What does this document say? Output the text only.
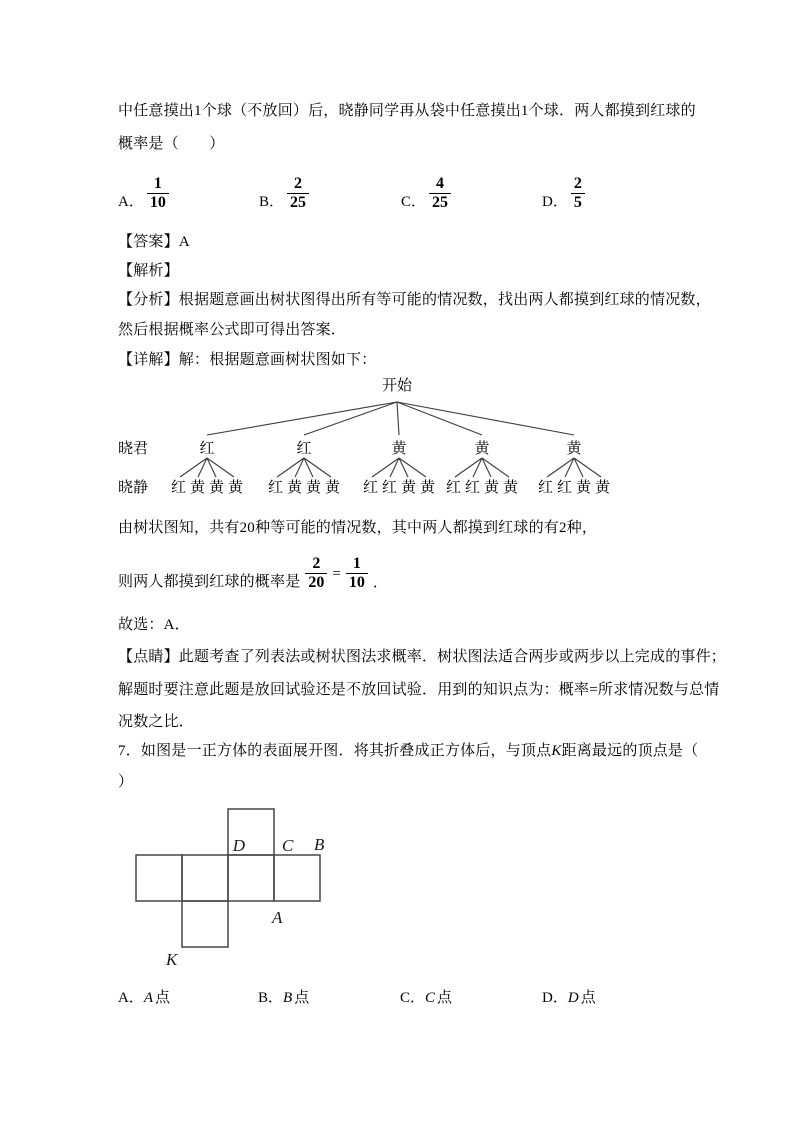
中任意摸出1个球（不放回）后，晓静同学再从袋中任意摸出1个球．两人都摸到红球的
概率是（　　）
A． $\frac{1}{10}$	B． $\frac{2}{25}$	C． $\frac{4}{25}$	D． $\frac{2}{5}$
【答案】A
【解析】
【分析】根据题意画出树状图得出所有等可能的情况数，找出两人都摸到红球的情况数，
然后根据概率公式即可得出答案．
【详解】解：根据题意画树状图如下：
开始
晓君
晓静
红	红	黄	黄	黄
红 黄 黄 黄 红 黄 黄 黄 红 红 黄 黄 红 红 黄 黄 红 红 黄 黄
由树状图知，共有20种等可能的情况数，其中两人都摸到红球的有2种，
则两人都摸到红球的概率是 $\frac{2}{20} = \frac{1}{10}$ ．
故选：A．
【点睛】此题考查了列表法或树状图法求概率．树状图法适合两步或两步以上完成的事件；
解题时要注意此题是放回试验还是不放回试验．用到的知识点为：概率=所求情况数与总情
况数之比．
7．如图是一正方体的表面展开图．将其折叠成正方体后，与顶点K距离最远的顶点是（
）
D C B
A
K
A．A 点	B．B 点	C．C 点	D．D 点
